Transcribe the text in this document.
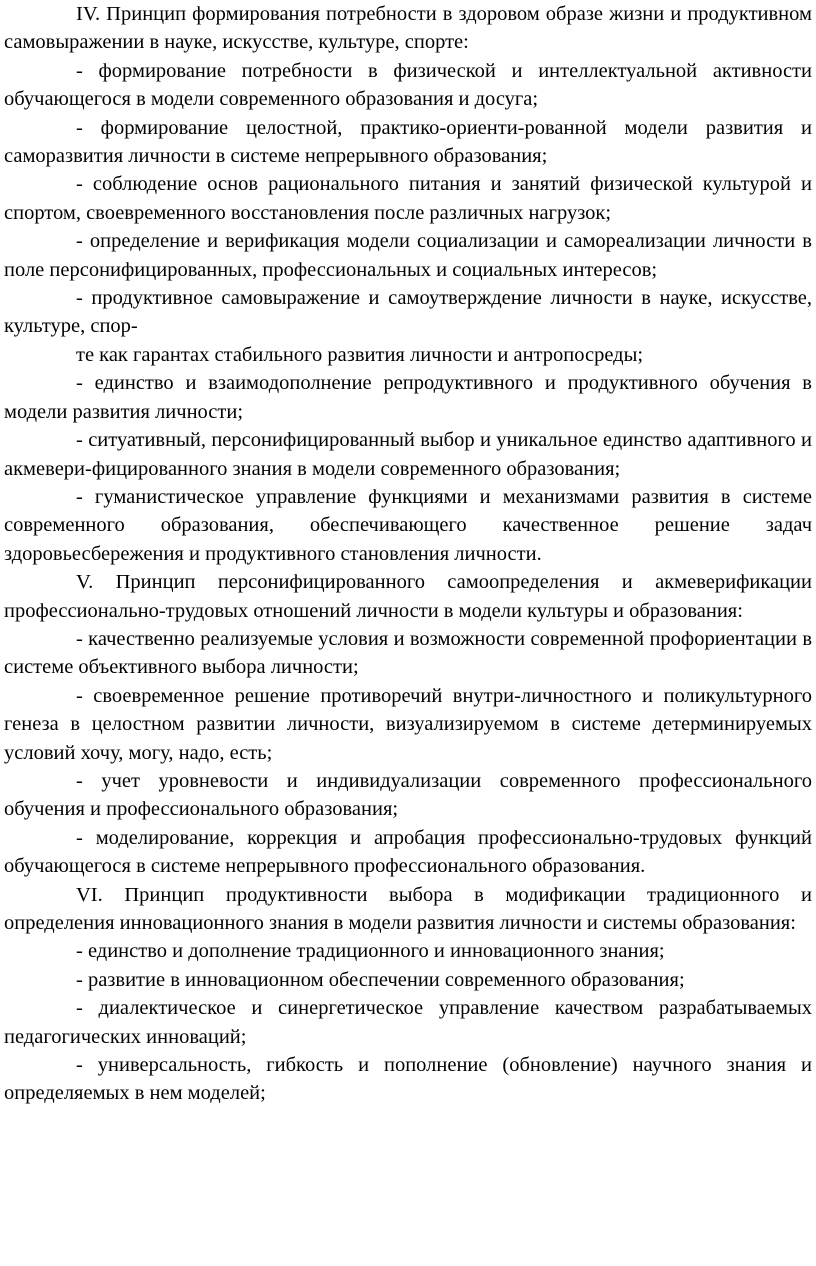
IV. Принцип формирования потребности в здоровом образе жизни и продуктивном самовыражении в науке, искусстве, культуре, спорте:

- формирование потребности в физической и интеллектуальной активности обучающегося в модели современного образования и досуга;

- формирование целостной, практико-ориенти-рованной модели развития и саморазвития личности в системе непрерывного образования;

- соблюдение основ рационального питания и занятий физической культурой и спортом, своевременного восстановления после различных нагрузок;

- определение и верификация модели социализации и самореализации личности в поле персонифицированных, профессиональных и социальных интересов;

- продуктивное самовыражение и самоутверждение личности в науке, искусстве, культуре, спор-

те как гарантах стабильного развития личности и антропосреды;

- единство и взаимодополнение репродуктивного и продуктивного обучения в модели развития личности;

- ситуативный, персонифицированный выбор и уникальное единство адаптивного и акмевери-фицированного знания в модели современного образования;

- гуманистическое управление функциями и механизмами развития в системе современного образования, обеспечивающего качественное решение задач здоровьесбережения и продуктивного становления личности.

V. Принцип персонифицированного самоопределения и акмеверификации профессионально-трудовых отношений личности в модели культуры и образования:

- качественно реализуемые условия и возможности современной профориентации в системе объективного выбора личности;

- своевременное решение противоречий внутри-личностного и поликультурного генеза в целостном развитии личности, визуализируемом в системе детерминируемых условий хочу, могу, надо, есть;

- учет уровневости и индивидуализации современного профессионального обучения и профессионального образования;

- моделирование, коррекция и апробация профессионально-трудовых функций обучающегося в системе непрерывного профессионального образования.

VI. Принцип продуктивности выбора в модификации традиционного и определения инновационного знания в модели развития личности и системы образования:

- единство и дополнение традиционного и инновационного знания;

- развитие в инновационном обеспечении современного образования;

- диалектическое и синергетическое управление качеством разрабатываемых педагогических инноваций;

- универсальность, гибкость и пополнение (обновление) научного знания и определяемых в нем моделей;
